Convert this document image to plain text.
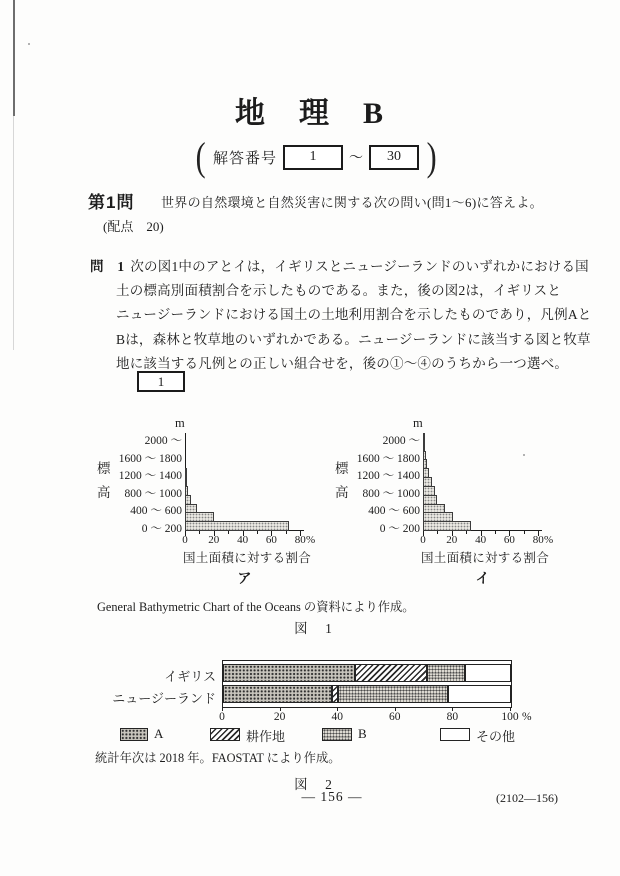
地　理　B
( 解答番号	1	～	30 )
第1問 世界の自然環境と自然災害に関する次の問い(問1～6)に答えよ。
(配点　20)
問　1 次の図1中のアとイは，イギリスとニュージーランドのいずれかにおける国
土の標高別面積割合を示したものである。また，後の図2は，イギリスと
ニュージーランドにおける国土の土地利用割合を示したものであり，凡例Aと
Bは，森林と牧草地のいずれかである。ニュージーランドに該当する図と牧草
地に該当する凡例との正しい組合せを，後の①～④のうちから一つ選べ。
1
m
標
高
%
国土面積に対する割合
ア
0	20	40	60	80
2000 ～
1600 ～ 1800
1200 ～ 1400
800 ～ 1000
400 ～ 600
0 ～ 200
m
標
高
%
国土面積に対する割合
イ
0	20	40	60	80
2000 ～
1600 ～ 1800
1200 ～ 1400
800 ～ 1000
400 ～ 600
0 ～ 200
General Bathymetric Chart of the Oceans の資料により作成。
図　1
%
A	耕作地	B	その他
イギリス
ニュージーランド
0	20	40	60	80	100
統計年次は 2018 年。FAOSTAT により作成。
図　2
— 156 —	(2102—156)
